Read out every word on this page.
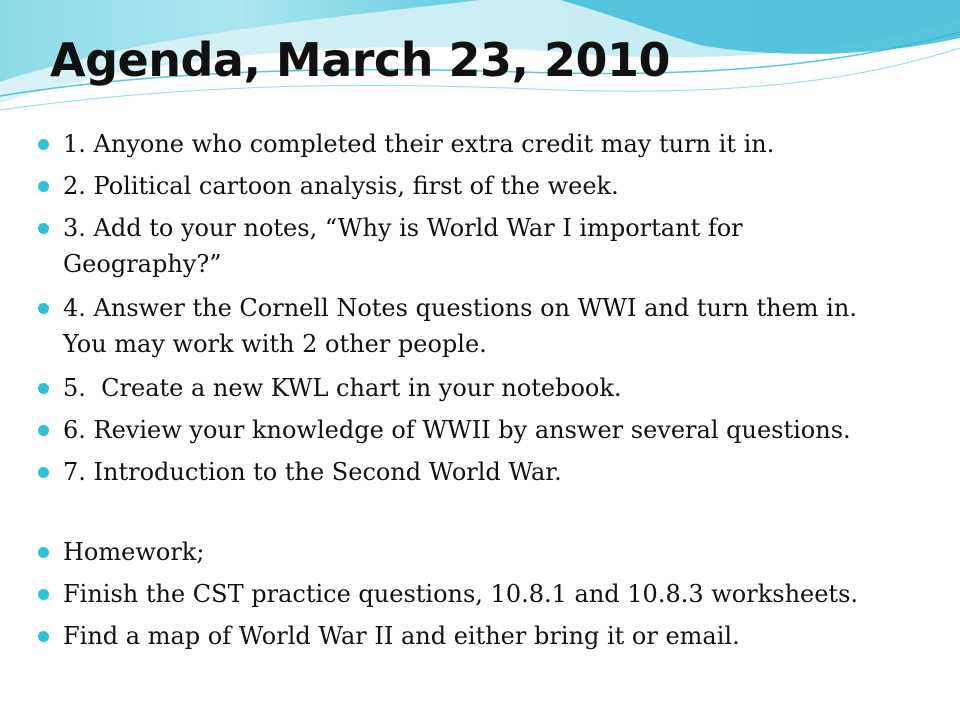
Agenda, March 23, 2010
1. Anyone who completed their extra credit may turn it in.
2. Political cartoon analysis, first of the week.
3. Add to your notes, “Why is World War I important for
Geography?”
4. Answer the Cornell Notes questions on WWI and turn them in.
You may work with 2 other people.
5.  Create a new KWL chart in your notebook.
6. Review your knowledge of WWII by answer several questions.
7. Introduction to the Second World War.
Homework;
Finish the CST practice questions, 10.8.1 and 10.8.3 worksheets.
Find a map of World War II and either bring it or email.
